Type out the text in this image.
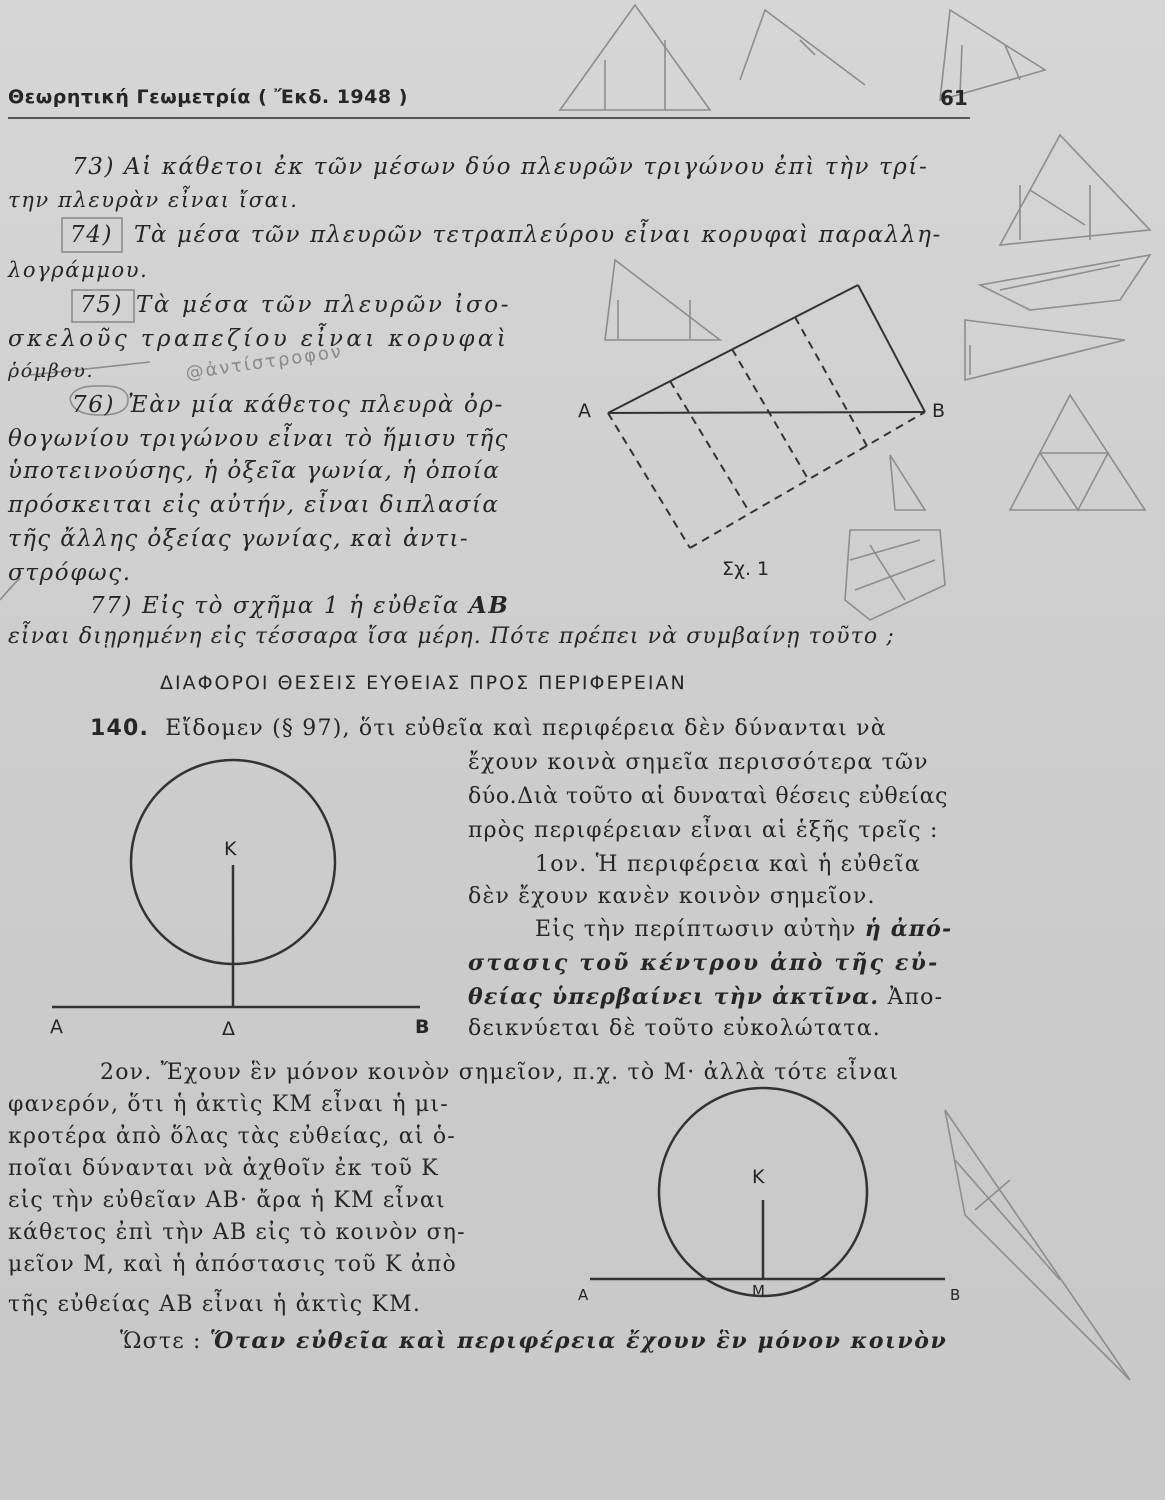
Θεωρητική Γεωμετρία ( Ἔκδ. 1948 )	61
73) Αἱ κάθετοι ἐκ τῶν μέσων δύο πλευρῶν τριγώνου ἐπὶ τὴν τρί-
την πλευρὰν εἶναι ἴσαι.
74) Τὰ μέσα τῶν πλευρῶν τετραπλεύρου εἶναι κορυφαὶ παραλλη-
λογράμμου.
75) Τὰ μέσα τῶν πλευρῶν ἰσο-
σκελοῦς τραπεζίου εἶναι κορυφαὶ
ῥόμβου.	@ἀντίστροφον
76) Ἐὰν μία κάθετος πλευρὰ ὀρ-
θογωνίου τριγώνου εἶναι τὸ ἥμισυ τῆς
ὑποτεινούσης, ἡ ὀξεῖα γωνία, ἡ ὁποία
πρόσκειται εἰς αὐτήν, εἶναι διπλασία
τῆς ἄλλης ὀξείας γωνίας, καὶ ἀντι-
στρόφως.
Α	Β
Σχ. 1
77) Εἰς τὸ σχῆμα 1 ἡ εὐθεῖα ΑΒ
εἶναι διῃρημένη εἰς τέσσαρα ἴσα μέρη. Πότε πρέπει νὰ συμβαίνῃ τοῦτο ;
ΔΙΑΦΟΡΟΙ ΘΕΣΕΙΣ ΕΥΘΕΙΑΣ ΠΡΟΣ ΠΕΡΙΦΕΡΕΙΑΝ
140. Εἴδομεν (§ 97), ὅτι εὐθεῖα καὶ περιφέρεια δὲν δύνανται νὰ
ἔχουν κοινὰ σημεῖα περισσότερα τῶν
δύο.Διὰ τοῦτο αἱ δυναταὶ θέσεις εὐθείας
πρὸς περιφέρειαν εἶναι αἱ ἑξῆς τρεῖς :
1ον. Ἡ περιφέρεια καὶ ἡ εὐθεῖα
δὲν ἔχουν κανὲν κοινὸν σημεῖον.
Εἰς τὴν περίπτωσιν αὐτὴν ἡ ἀπό-
στασις τοῦ κέντρου ἀπὸ τῆς εὐ-
θείας ὑπερβαίνει τὴν ἀκτῖνα. Ἀπο-
δεικνύεται δὲ τοῦτο εὐκολώτατα.
Κ
Α	Δ	Β
2ον. Ἔχουν ἓν μόνον κοινὸν σημεῖον, π.χ. τὸ Μ· ἀλλὰ τότε εἶναι
φανερόν, ὅτι ἡ ἀκτὶς ΚΜ εἶναι ἡ μι-
κροτέρα ἀπὸ ὅλας τὰς εὐθείας, αἱ ὁ-
ποῖαι δύνανται νὰ ἀχθοῖν ἐκ τοῦ Κ
εἰς τὴν εὐθεῖαν ΑΒ· ἄρα ἡ ΚΜ εἶναι
κάθετος ἐπὶ τὴν ΑΒ εἰς τὸ κοινὸν ση-
μεῖον Μ, καὶ ἡ ἀπόστασις τοῦ Κ ἀπὸ
τῆς εὐθείας ΑΒ εἶναι ἡ ἀκτὶς ΚΜ.
Κ
Α	Μ	Β
Ὥστε : Ὅταν εὐθεῖα καὶ περιφέρεια ἔχουν ἓν μόνον κοινὸν
